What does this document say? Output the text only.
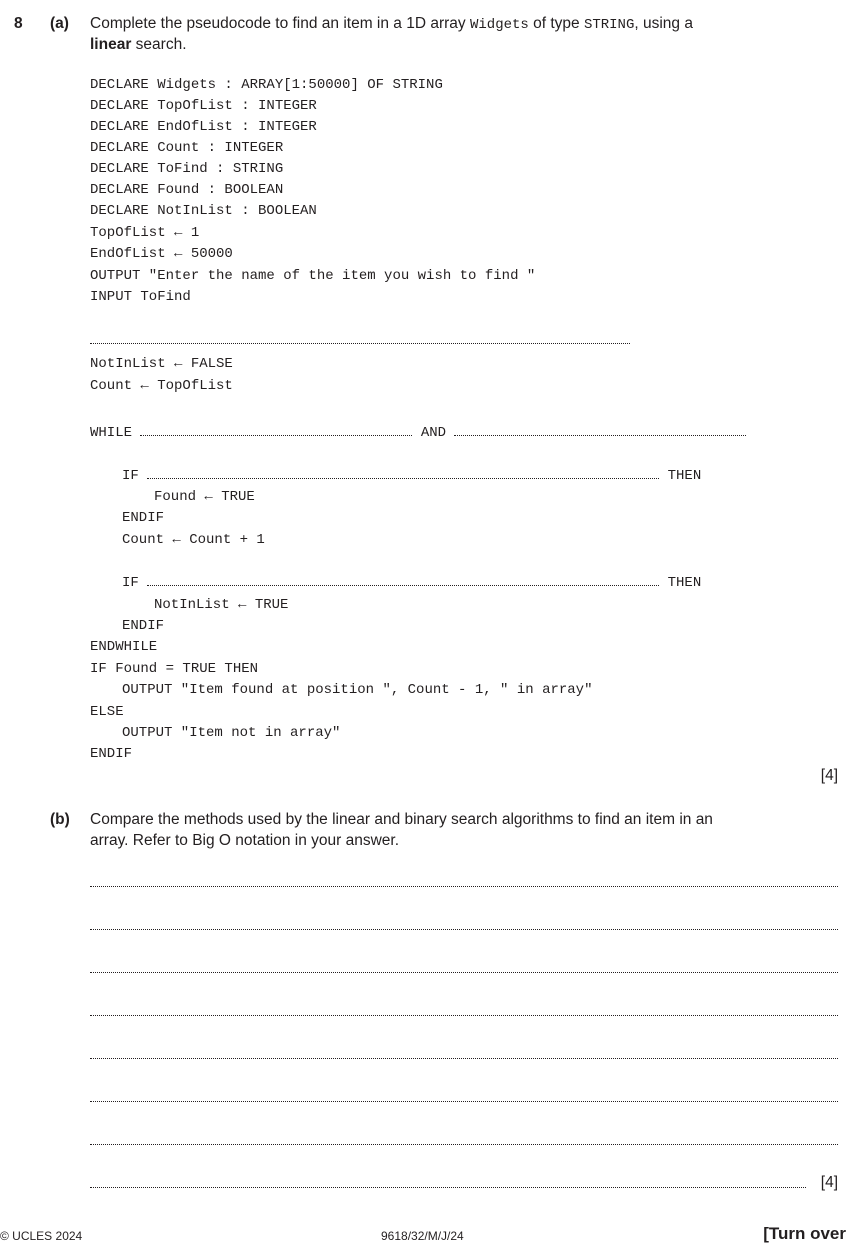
8 (a) Complete the pseudocode to find an item in a 1D array Widgets of type STRING, using a
linear search.
DECLARE Widgets : ARRAY[1:50000] OF STRING
DECLARE TopOfList : INTEGER
DECLARE EndOfList : INTEGER
DECLARE Count : INTEGER
DECLARE ToFind : STRING
DECLARE Found : BOOLEAN
DECLARE NotInList : BOOLEAN
TopOfList ← 1
EndOfList ← 50000
OUTPUT "Enter the name of the item you wish to find "
INPUT ToFind
NotInList ← FALSE
Count ← TopOfList
WHILE	AND
IF	THEN
Found ← TRUE
ENDIF
Count ← Count + 1
IF	THEN
NotInList ← TRUE
ENDIF
ENDWHILE
IF Found = TRUE THEN
OUTPUT "Item found at position ", Count - 1, " in array"
ELSE
OUTPUT "Item not in array"
ENDIF
[4]
(b) Compare the methods used by the linear and binary search algorithms to find an item in an
array. Refer to Big O notation in your answer.
[4]
© UCLES 2024	9618/32/M/J/24	[Turn over
